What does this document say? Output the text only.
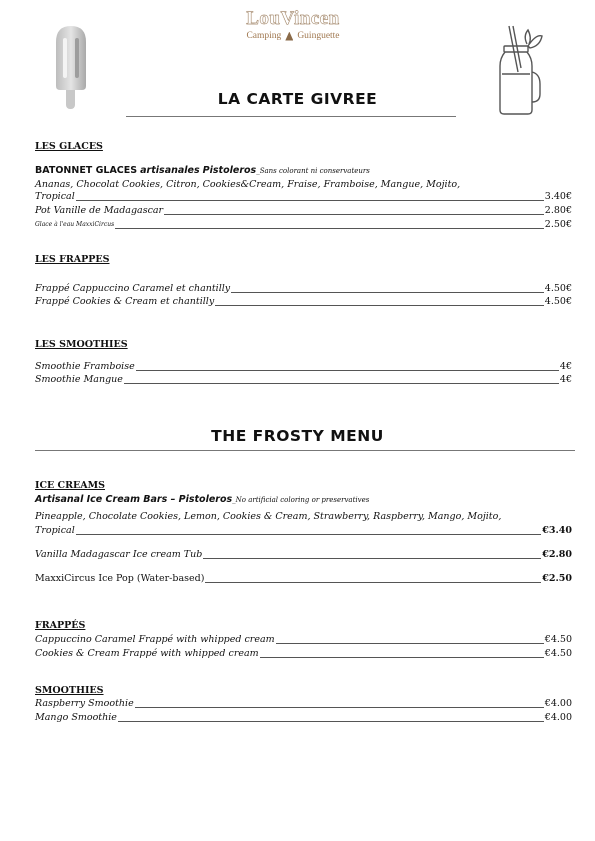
LouVincen
Camping Guinguette
LA CARTE GIVREE
LES GLACES
BATONNET GLACES artisanales Pistoleros_Sans colorant ni conservateurs
Ananas, Chocolat Cookies, Citron, Cookies&Cream, Fraise, Framboise, Mangue, Mojito,
Tropical	3.40€
Pot Vanille de Madagascar	2.80€
Glace à l'eau MaxxiCircus	2.50€
LES FRAPPES
Frappé Cappuccino Caramel et chantilly	4.50€
Frappé Cookies & Cream et chantilly	4.50€
LES SMOOTHIES
Smoothie Framboise	4€
Smoothie Mangue	4€
THE FROSTY MENU
ICE CREAMS
Artisanal Ice Cream Bars – Pistoleros_No artificial coloring or preservatives
Pineapple, Chocolate Cookies, Lemon, Cookies & Cream, Strawberry, Raspberry, Mango, Mojito,
Tropical	€3.40
Vanilla Madagascar Ice cream Tub	€2.80
MaxxiCircus Ice Pop (Water-based)	€2.50
FRAPPÉS
Cappuccino Caramel Frappé with whipped cream	€4.50
Cookies & Cream Frappé with whipped cream	€4.50
SMOOTHIES
Raspberry Smoothie	€4.00
Mango Smoothie	€4.00
